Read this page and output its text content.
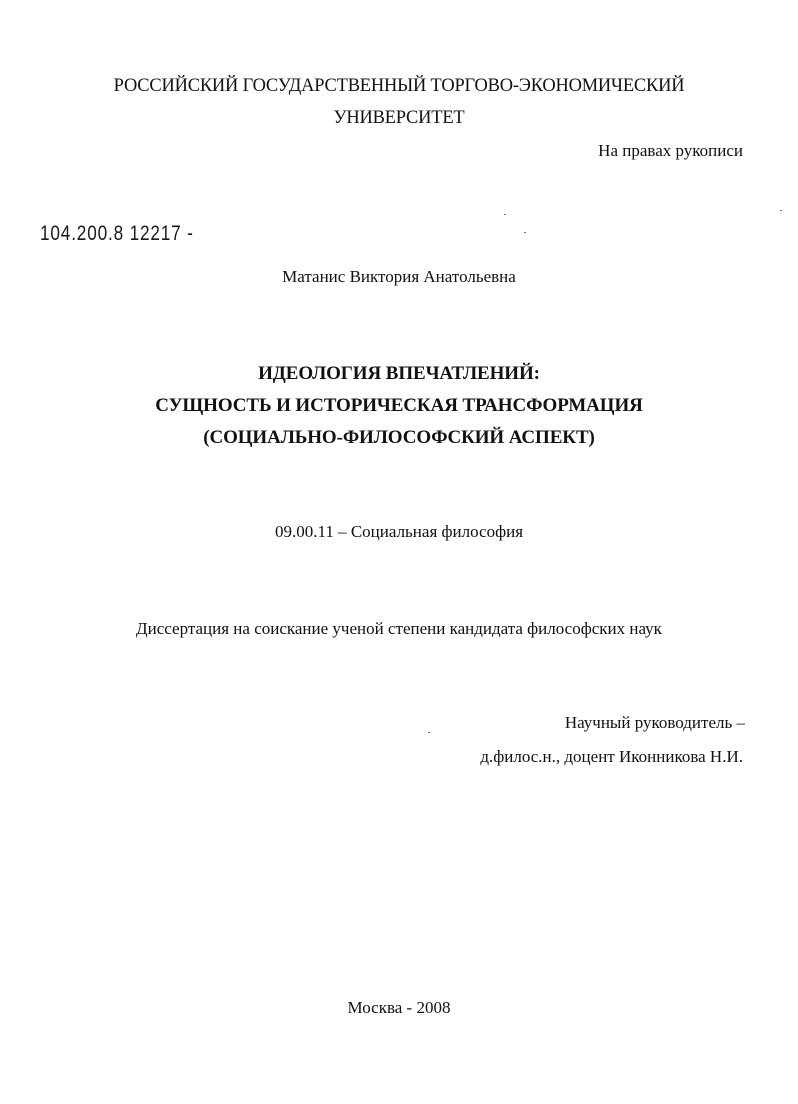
РОССИЙСКИЙ ГОСУДАРСТВЕННЫЙ ТОРГОВО-ЭКОНОМИЧЕСКИЙ
УНИВЕРСИТЕТ
На правах рукописи
104.200.8 12217 -
Матанис Виктория Анатольевна
ИДЕОЛОГИЯ ВПЕЧАТЛЕНИЙ:
СУЩНОСТЬ И ИСТОРИЧЕСКАЯ ТРАНСФОРМАЦИЯ
(СОЦИАЛЬНО-ФИЛОСОФСКИЙ АСПЕКТ)
09.00.11 – Социальная философия
Диссертация на соискание ученой степени кандидата философских наук
Научный руководитель –
д.филос.н., доцент Иконникова Н.И.
Москва - 2008
